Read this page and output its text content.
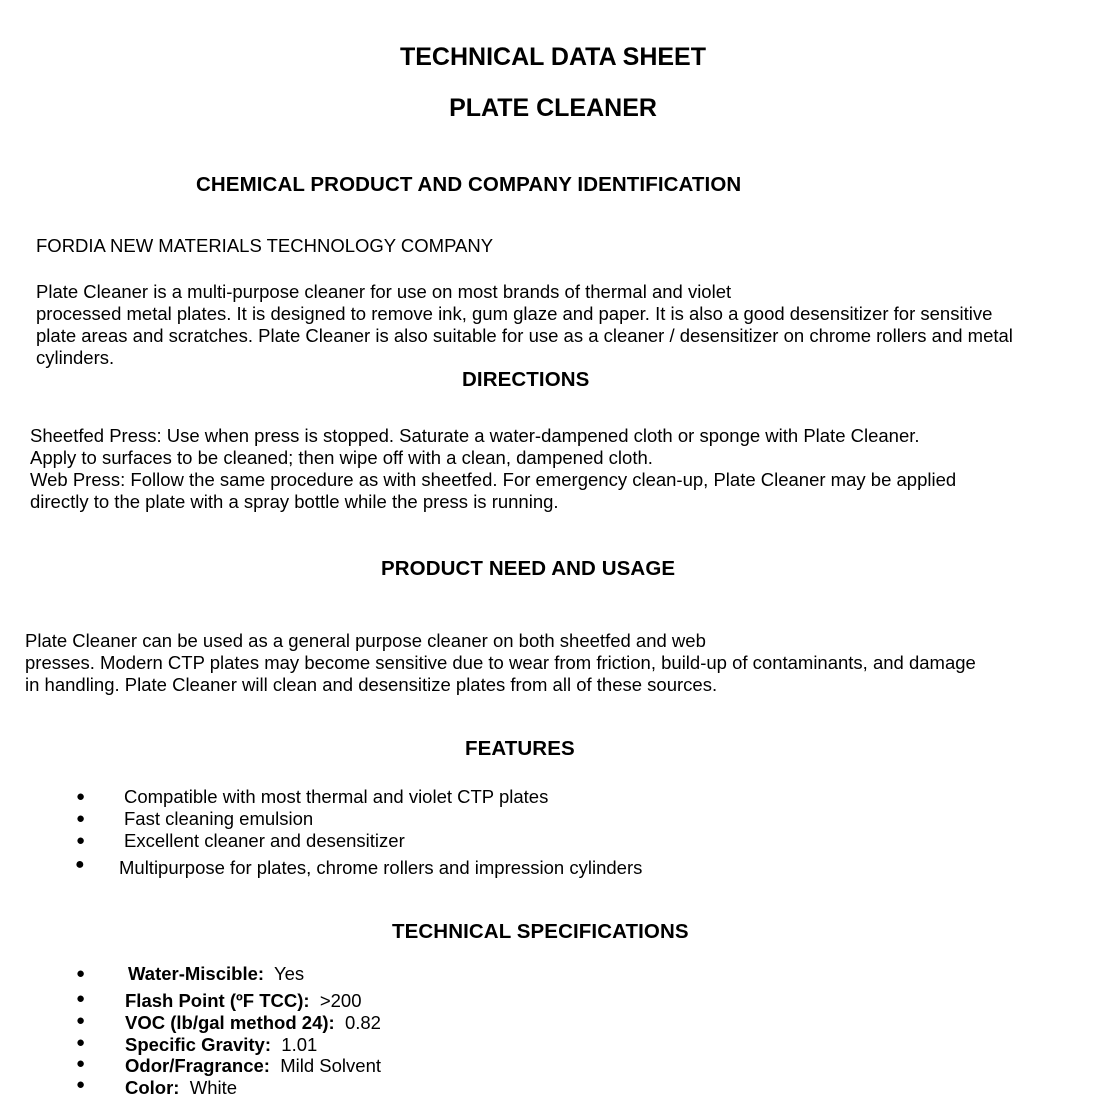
TECHNICAL DATA SHEET
PLATE CLEANER
CHEMICAL PRODUCT AND COMPANY IDENTIFICATION
FORDIA NEW MATERIALS TECHNOLOGY COMPANY
Plate Cleaner is a multi-purpose cleaner for use on most brands of thermal and violet
processed metal plates. It is designed to remove ink, gum glaze and paper. It is also a good desensitizer for sensitive
plate areas and scratches. Plate Cleaner is also suitable for use as a cleaner / desensitizer on chrome rollers and metal
cylinders.
DIRECTIONS
Sheetfed Press: Use when press is stopped. Saturate a water-dampened cloth or sponge with Plate Cleaner.
Apply to surfaces to be cleaned; then wipe off with a clean, dampened cloth.
Web Press: Follow the same procedure as with sheetfed. For emergency clean-up, Plate Cleaner may be applied
directly to the plate with a spray bottle while the press is running.
PRODUCT NEED AND USAGE
Plate Cleaner can be used as a general purpose cleaner on both sheetfed and web
presses. Modern CTP plates may become sensitive due to wear from friction, build-up of contaminants, and damage
in handling. Plate Cleaner will clean and desensitize plates from all of these sources.
FEATURES
● Compatible with most thermal and violet CTP plates
● Fast cleaning emulsion
● Excellent cleaner and desensitizer
● Multipurpose for plates, chrome rollers and impression cylinders
TECHNICAL SPECIFICATIONS
● Water-Miscible: Yes
● Flash Point (ºF TCC): >200
● VOC (lb/gal method 24): 0.82
● Specific Gravity: 1.01
● Odor/Fragrance: Mild Solvent
● Color: White
